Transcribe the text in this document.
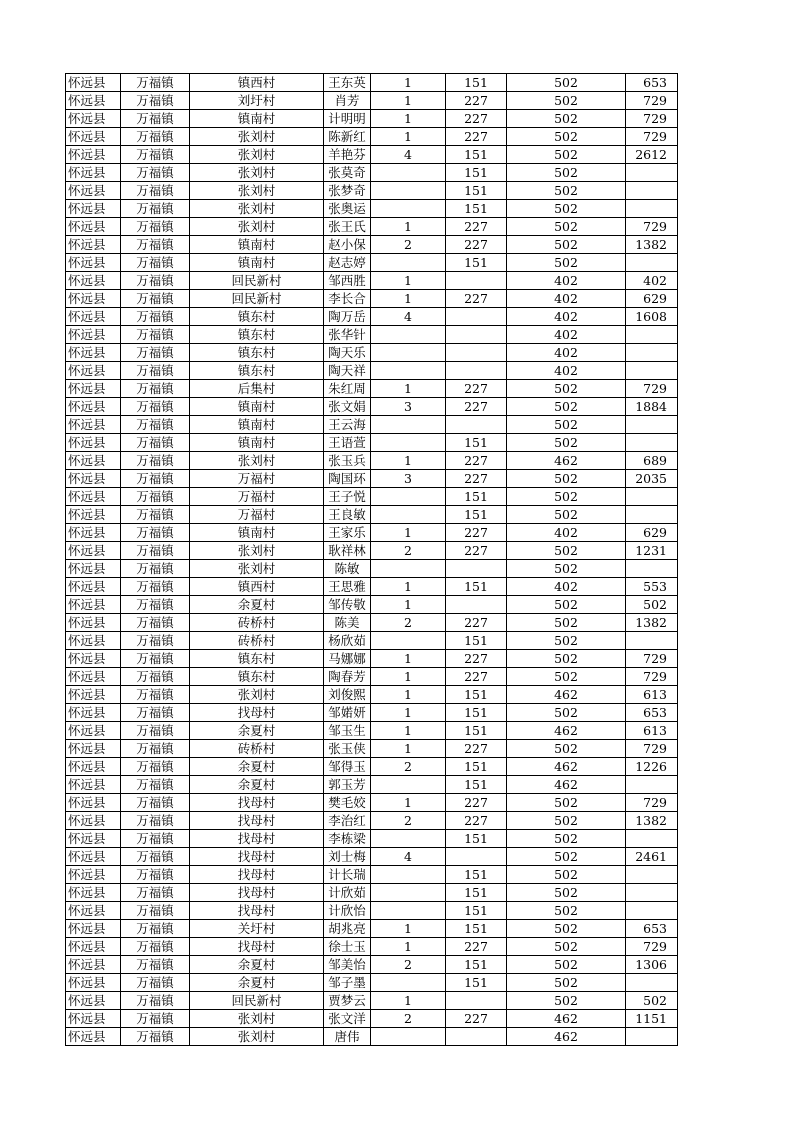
怀远县	万福镇	镇西村	王东英	1	151	502	653
怀远县	万福镇	刘圩村	肖芳	1	227	502	729
怀远县	万福镇	镇南村	计明明	1	227	502	729
怀远县	万福镇	张刘村	陈新红	1	227	502	729
怀远县	万福镇	张刘村	羊艳芬	4	151	502	2612
怀远县	万福镇	张刘村	张莫奇		151	502	
怀远县	万福镇	张刘村	张梦奇		151	502	
怀远县	万福镇	张刘村	张奥运		151	502	
怀远县	万福镇	张刘村	张王氏	1	227	502	729
怀远县	万福镇	镇南村	赵小保	2	227	502	1382
怀远县	万福镇	镇南村	赵志婷		151	502	
怀远县	万福镇	回民新村	邹西胜	1		402	402
怀远县	万福镇	回民新村	李长合	1	227	402	629
怀远县	万福镇	镇东村	陶万岳	4		402	1608
怀远县	万福镇	镇东村	张华针			402	
怀远县	万福镇	镇东村	陶天乐			402	
怀远县	万福镇	镇东村	陶天祥			402	
怀远县	万福镇	后集村	朱红周	1	227	502	729
怀远县	万福镇	镇南村	张文娟	3	227	502	1884
怀远县	万福镇	镇南村	王云海			502	
怀远县	万福镇	镇南村	王语萱		151	502	
怀远县	万福镇	张刘村	张玉兵	1	227	462	689
怀远县	万福镇	万福村	陶国环	3	227	502	2035
怀远县	万福镇	万福村	王子悦		151	502	
怀远县	万福镇	万福村	王良敏		151	502	
怀远县	万福镇	镇南村	王家乐	1	227	402	629
怀远县	万福镇	张刘村	耿祥林	2	227	502	1231
怀远县	万福镇	张刘村	陈敏			502	
怀远县	万福镇	镇西村	王思雅	1	151	402	553
怀远县	万福镇	余夏村	邹传敬	1		502	502
怀远县	万福镇	砖桥村	陈美	2	227	502	1382
怀远县	万福镇	砖桥村	杨欣茹		151	502	
怀远县	万福镇	镇东村	马娜娜	1	227	502	729
怀远县	万福镇	镇东村	陶春芳	1	227	502	729
怀远县	万福镇	张刘村	刘俊熙	1	151	462	613
怀远县	万福镇	找母村	邹婼妍	1	151	502	653
怀远县	万福镇	余夏村	邹玉生	1	151	462	613
怀远县	万福镇	砖桥村	张玉侠	1	227	502	729
怀远县	万福镇	余夏村	邹得玉	2	151	462	1226
怀远县	万福镇	余夏村	郭玉芳		151	462	
怀远县	万福镇	找母村	樊毛姣	1	227	502	729
怀远县	万福镇	找母村	李治红	2	227	502	1382
怀远县	万福镇	找母村	李栋梁		151	502	
怀远县	万福镇	找母村	刘士梅	4		502	2461
怀远县	万福镇	找母村	计长瑞		151	502	
怀远县	万福镇	找母村	计欣茹		151	502	
怀远县	万福镇	找母村	计欣怡		151	502	
怀远县	万福镇	关圩村	胡兆亮	1	151	502	653
怀远县	万福镇	找母村	徐士玉	1	227	502	729
怀远县	万福镇	余夏村	邹美怡	2	151	502	1306
怀远县	万福镇	余夏村	邹子墨		151	502	
怀远县	万福镇	回民新村	贾梦云	1		502	502
怀远县	万福镇	张刘村	张文洋	2	227	462	1151
怀远县	万福镇	张刘村	唐伟			462	
